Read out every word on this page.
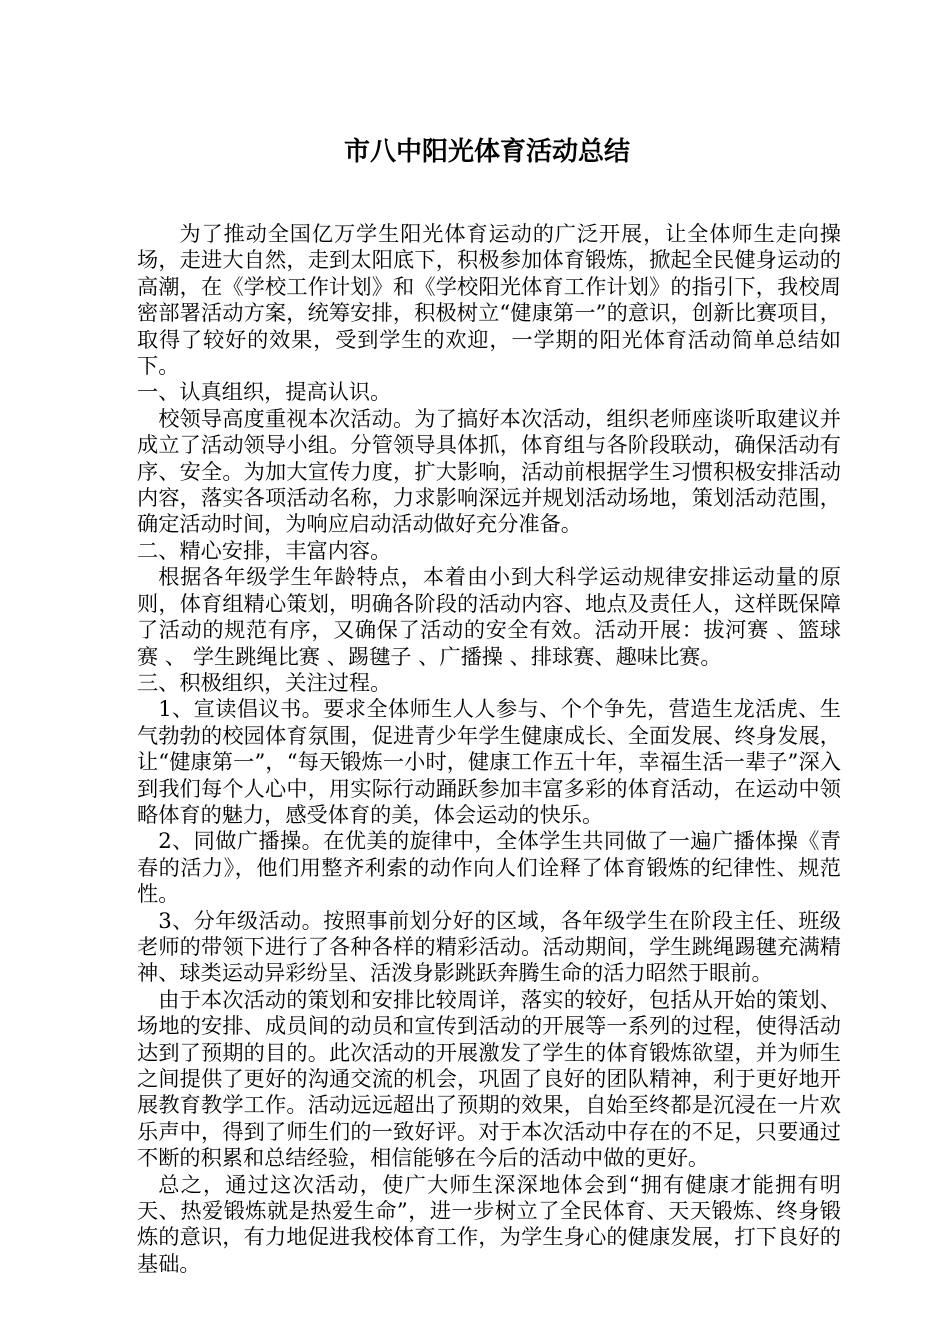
市八中阳光体育活动总结

为了推动全国亿万学生阳光体育运动的广泛开展，让全体师生走向操场，走进大自然，走到太阳底下，积极参加体育锻炼，掀起全民健身运动的高潮，在《学校工作计划》和《学校阳光体育工作计划》的指引下，我校周密部署活动方案，统筹安排，积极树立“健康第一”的意识，创新比赛项目，取得了较好的效果，受到学生的欢迎，一学期的阳光体育活动简单总结如下。

一、认真组织，提高认识。

校领导高度重视本次活动。为了搞好本次活动，组织老师座谈听取建议并成立了活动领导小组。分管领导具体抓，体育组与各阶段联动，确保活动有序、安全。为加大宣传力度，扩大影响，活动前根据学生习惯积极安排活动内容，落实各项活动名称，力求影响深远并规划活动场地，策划活动范围，确定活动时间，为响应启动活动做好充分准备。

二、精心安排，丰富内容。

根据各年级学生年龄特点，本着由小到大科学运动规律安排运动量的原则，体育组精心策划，明确各阶段的活动内容、地点及责任人，这样既保障了活动的规范有序，又确保了活动的安全有效。活动开展：拔河赛 、篮球赛 、 学生跳绳比赛 、踢毽子 、广播操 、排球赛、趣味比赛。

三、积极组织，关注过程。

1、宣读倡议书。要求全体师生人人参与、个个争先，营造生龙活虎、生气勃勃的校园体育氛围，促进青少年学生健康成长、全面发展、终身发展，让“健康第一”，“每天锻炼一小时，健康工作五十年，幸福生活一辈子”深入到我们每个人心中，用实际行动踊跃参加丰富多彩的体育活动，在运动中领略体育的魅力，感受体育的美，体会运动的快乐。

2、同做广播操。在优美的旋律中，全体学生共同做了一遍广播体操《青春的活力》，他们用整齐利索的动作向人们诠释了体育锻炼的纪律性、规范性。

3、分年级活动。按照事前划分好的区域，各年级学生在阶段主任、班级老师的带领下进行了各种各样的精彩活动。活动期间，学生跳绳踢毽充满精神、球类运动异彩纷呈、活泼身影跳跃奔腾生命的活力昭然于眼前。

由于本次活动的策划和安排比较周详，落实的较好，包括从开始的策划、场地的安排、成员间的动员和宣传到活动的开展等一系列的过程，使得活动达到了预期的目的。此次活动的开展激发了学生的体育锻炼欲望，并为师生之间提供了更好的沟通交流的机会，巩固了良好的团队精神，利于更好地开展教育教学工作。活动远远超出了预期的效果，自始至终都是沉浸在一片欢乐声中，得到了师生们的一致好评。对于本次活动中存在的不足，只要通过不断的积累和总结经验，相信能够在今后的活动中做的更好。

总之，通过这次活动，使广大师生深深地体会到“拥有健康才能拥有明天、热爱锻炼就是热爱生命”，进一步树立了全民体育、天天锻炼、终身锻炼的意识，有力地促进我校体育工作，为学生身心的健康发展，打下良好的基础。
